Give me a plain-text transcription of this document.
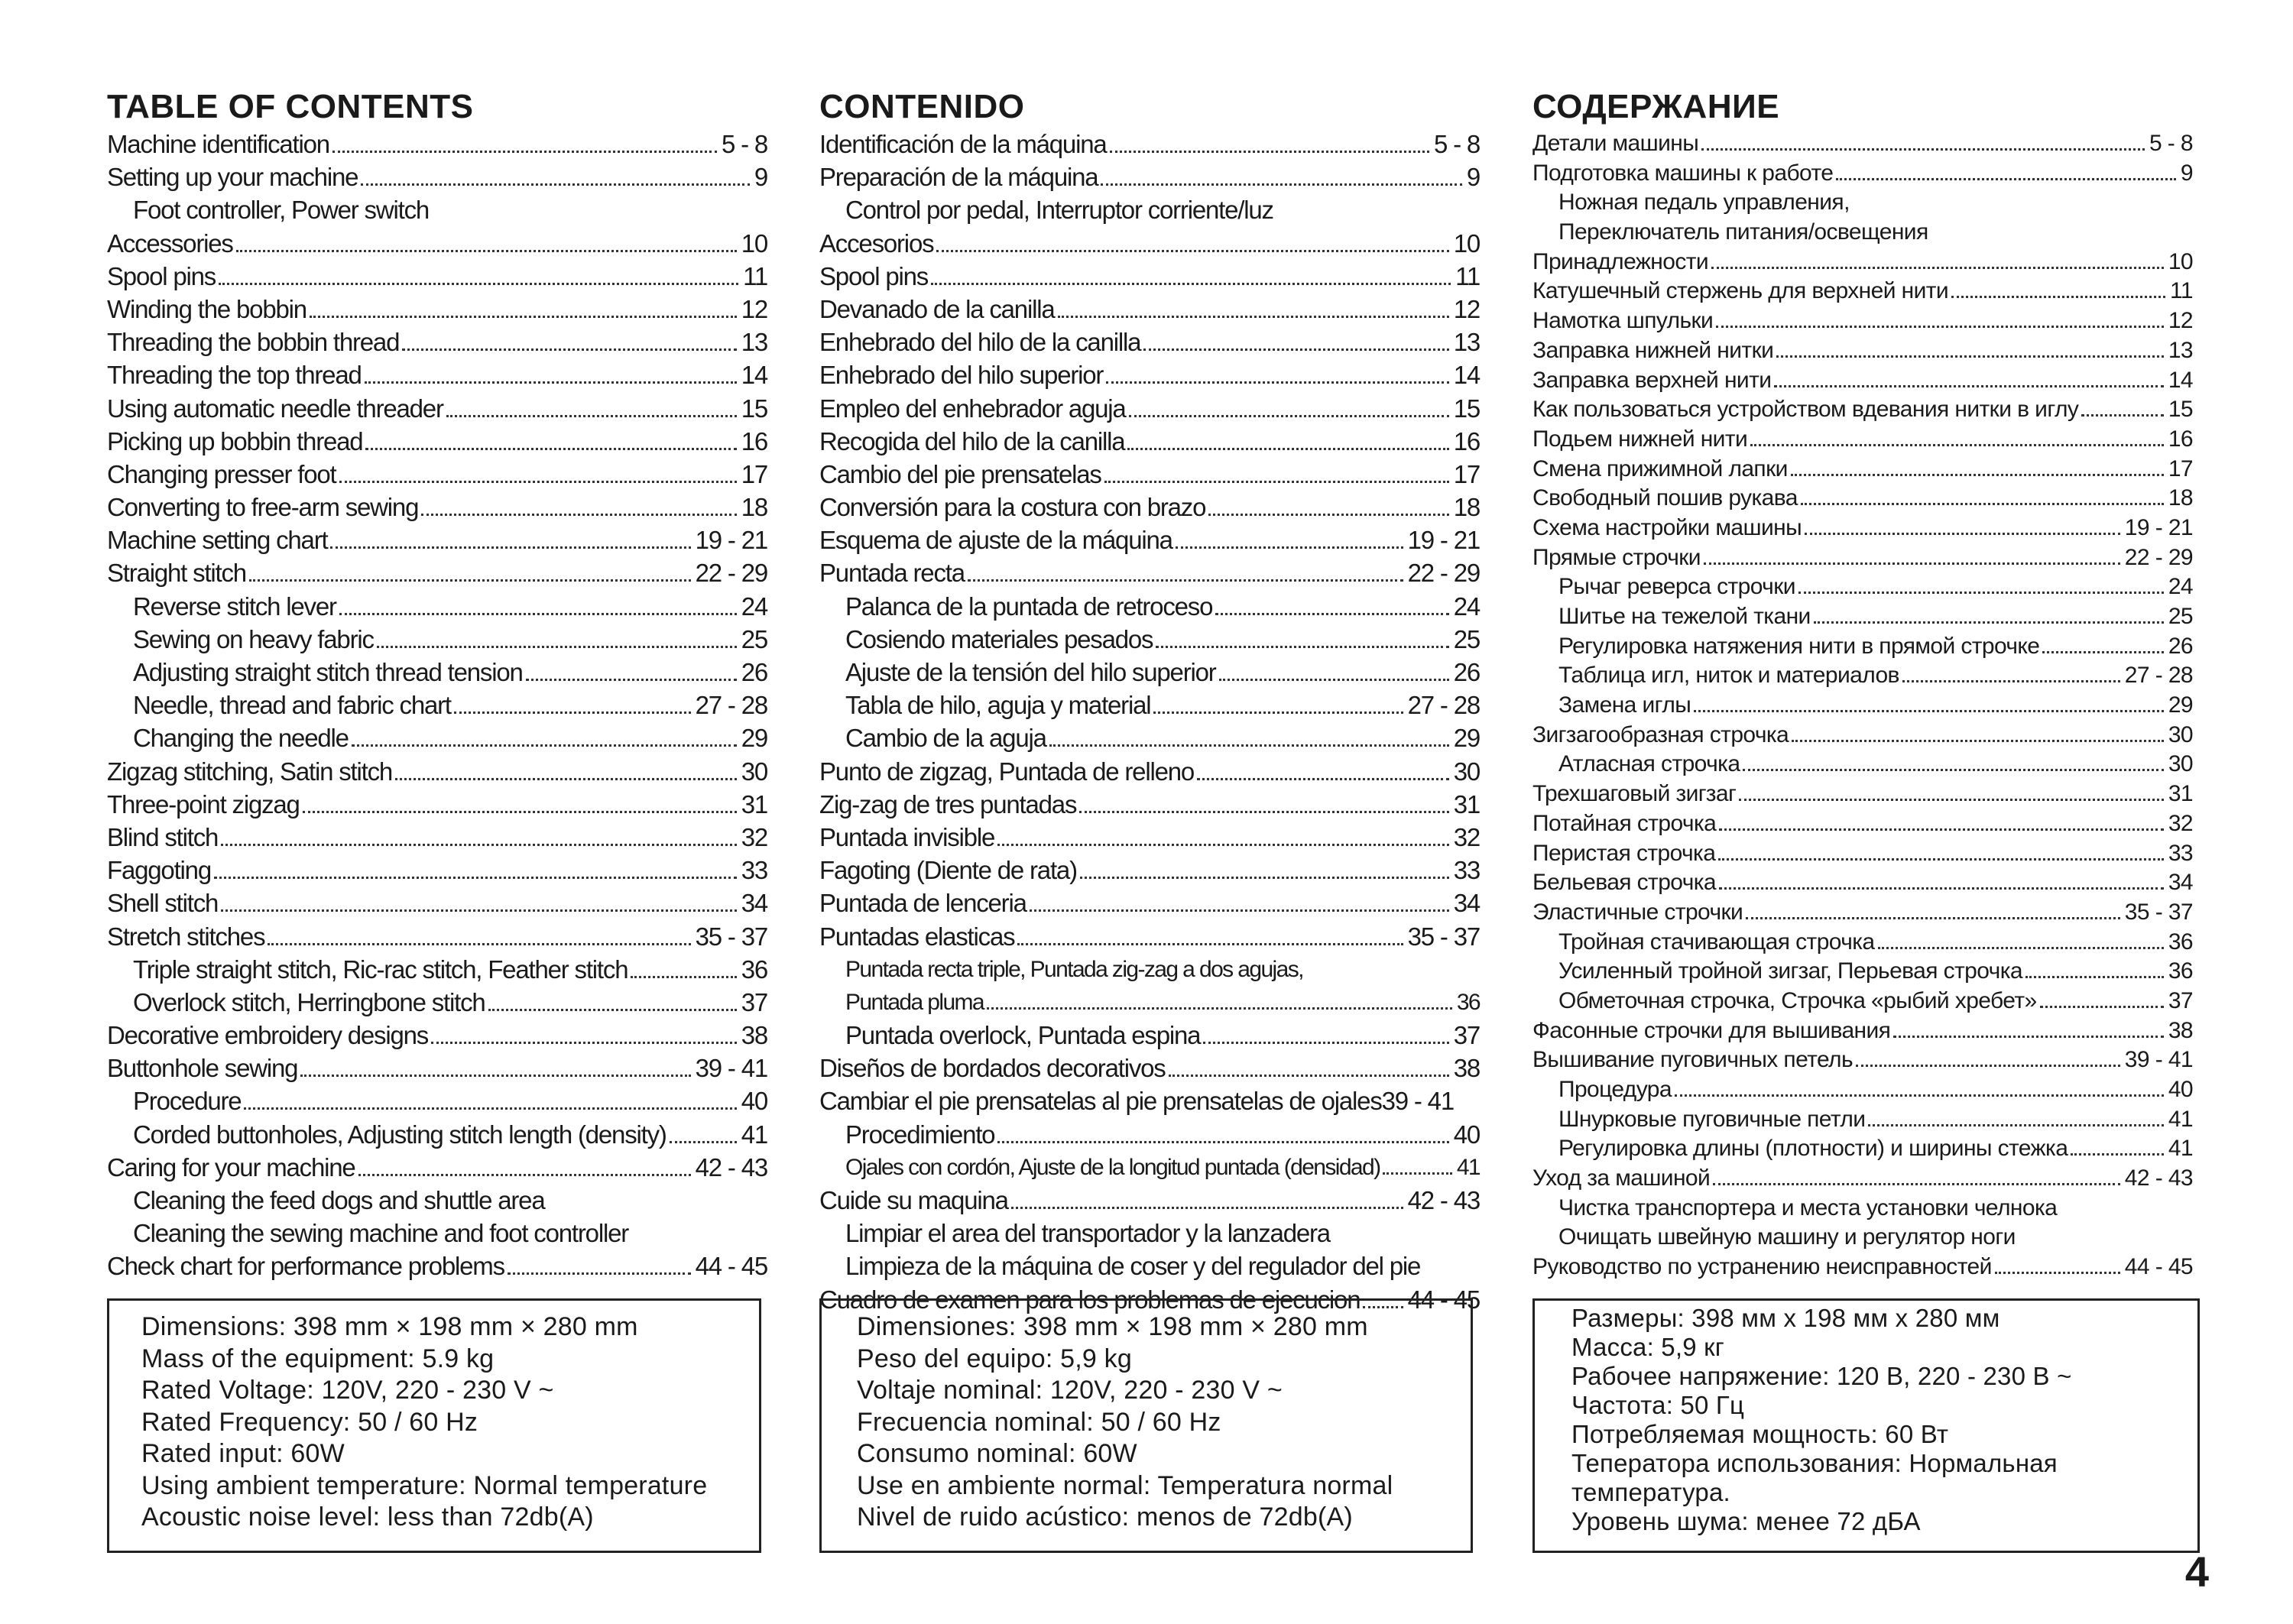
TABLE OF CONTENTS
Machine identification	5 - 8
Setting up your machine	9
Foot controller, Power switch
Accessories	10
Spool pins	11
Winding the bobbin	12
Threading the bobbin thread	13
Threading the top thread	14
Using automatic needle threader	15
Picking up bobbin thread	16
Changing presser foot	17
Converting to free-arm sewing	18
Machine setting chart	19 - 21
Straight stitch	22 - 29
Reverse stitch lever	24
Sewing on heavy fabric	25
Adjusting straight stitch thread tension	26
Needle, thread and fabric chart	27 - 28
Changing the needle	29
Zigzag stitching, Satin stitch	30
Three-point zigzag	31
Blind stitch	32
Faggoting	33
Shell stitch	34
Stretch stitches	35 - 37
Triple straight stitch, Ric-rac stitch, Feather stitch	36
Overlock stitch, Herringbone stitch	37
Decorative embroidery designs	38
Buttonhole sewing	39 - 41
Procedure	40
Corded buttonholes, Adjusting stitch length (density)	41
Caring for your machine	42 - 43
Cleaning the feed dogs and shuttle area
Cleaning the sewing machine and foot controller
Check chart for performance problems	44 - 45
CONTENIDO
Identificación de la máquina	5 - 8
Preparación de la máquina	9
Control por pedal, Interruptor corriente/luz
Accesorios	10
Spool pins	11
Devanado de la canilla	12
Enhebrado del hilo de la canilla	13
Enhebrado del hilo superior	14
Empleo del enhebrador aguja	15
Recogida del hilo de la canilla	16
Cambio del pie prensatelas	17
Conversión para la costura con brazo	18
Esquema de ajuste de la máquina	19 - 21
Puntada recta	22 - 29
Palanca de la puntada de retroceso	24
Cosiendo materiales pesados	25
Ajuste de la tensión del hilo superior	26
Tabla de hilo, aguja y material	27 - 28
Cambio de la aguja	29
Punto de zigzag, Puntada de relleno	30
Zig-zag de tres puntadas	31
Puntada invisible	32
Fagoting (Diente de rata)	33
Puntada de lenceria	34
Puntadas elasticas	35 - 37
Puntada recta triple, Puntada zig-zag a dos agujas,
Puntada pluma	36
Puntada overlock, Puntada espina	37
Diseños de bordados decorativos	38
Cambiar el pie prensatelas al pie prensatelas de ojales 39 - 41
Procedimiento	40
Ojales con cordón, Ajuste de la longitud puntada (densidad)	41
Cuide su maquina	42 - 43
Limpiar el area del transportador y la lanzadera
Limpieza de la máquina de coser y del regulador del pie
Cuadro de examen para los problemas de ejecucion 44 - 45
СОДЕРЖАНИЕ
Детали машины	5 - 8
Подготовка машины к работе	9
Ножная педаль управления,
Переключатель питания/освещения
Принадлежности	10
Катушечный стержень для верхней нити	11
Намотка шпульки	12
Заправка нижней нитки	13
Заправка верхней нити	14
Как пользоваться устройством вдевания нитки в иглу	15
Подьем нижней нити	16
Смена прижимной лапки	17
Свободный пошив рукава	18
Схема настройки машины	19 - 21
Прямые строчки	22 - 29
Рычаг реверса строчки	24
Шитье на тежелой ткани	25
Регулировка натяжения нити в прямой строчке	26
Таблица игл, ниток и материалов	27 - 28
Замена иглы	29
Зигзагообразная строчка	30
Атласная строчка	30
Трехшаговый зигзаг	31
Потайная строчка	32
Перистая строчка	33
Бельевая строчка	34
Эластичные строчки	35 - 37
Тройная стачивающая строчка	36
Усиленный тройной зигзаг, Перьевая строчка	36
Обметочная строчка, Строчка «рыбий хребет»	37
Фасонные строчки для вышивания	38
Вышивание пуговичных петель	39 - 41
Процедура	40
Шнурковые пуговичные петли	41
Регулировка длины (плотности) и ширины стежка	41
Уход за машиной	42 - 43
Чистка транспортера и места установки челнока
Очищать швейную машину и регулятор ноги
Руководство по устранению неисправностей	44 - 45
Dimensions: 398 mm × 198 mm × 280 mm
Mass of the equipment: 5.9 kg
Rated Voltage: 120V, 220 - 230 V ~
Rated Frequency: 50 / 60 Hz
Rated input: 60W
Using ambient temperature: Normal temperature
Acoustic noise level: less than 72db(A)
Dimensiones: 398 mm × 198 mm × 280 mm
Peso del equipo: 5,9 kg
Voltaje nominal: 120V, 220 - 230 V ~
Frecuencia nominal: 50 / 60 Hz
Consumo nominal: 60W
Use en ambiente normal: Temperatura normal
Nivel de ruido acústico: menos de 72db(A)
Размеры: 398 мм х 198 мм х 280 мм
Масса: 5,9 кг
Рабочее напряжение: 120 В, 220 - 230 В ~
Частота: 50 Гц
Потребляемая мощность: 60 Вт
Теператора использования: Нормальная температура.
Уровень шума: менее 72 дБА
4
